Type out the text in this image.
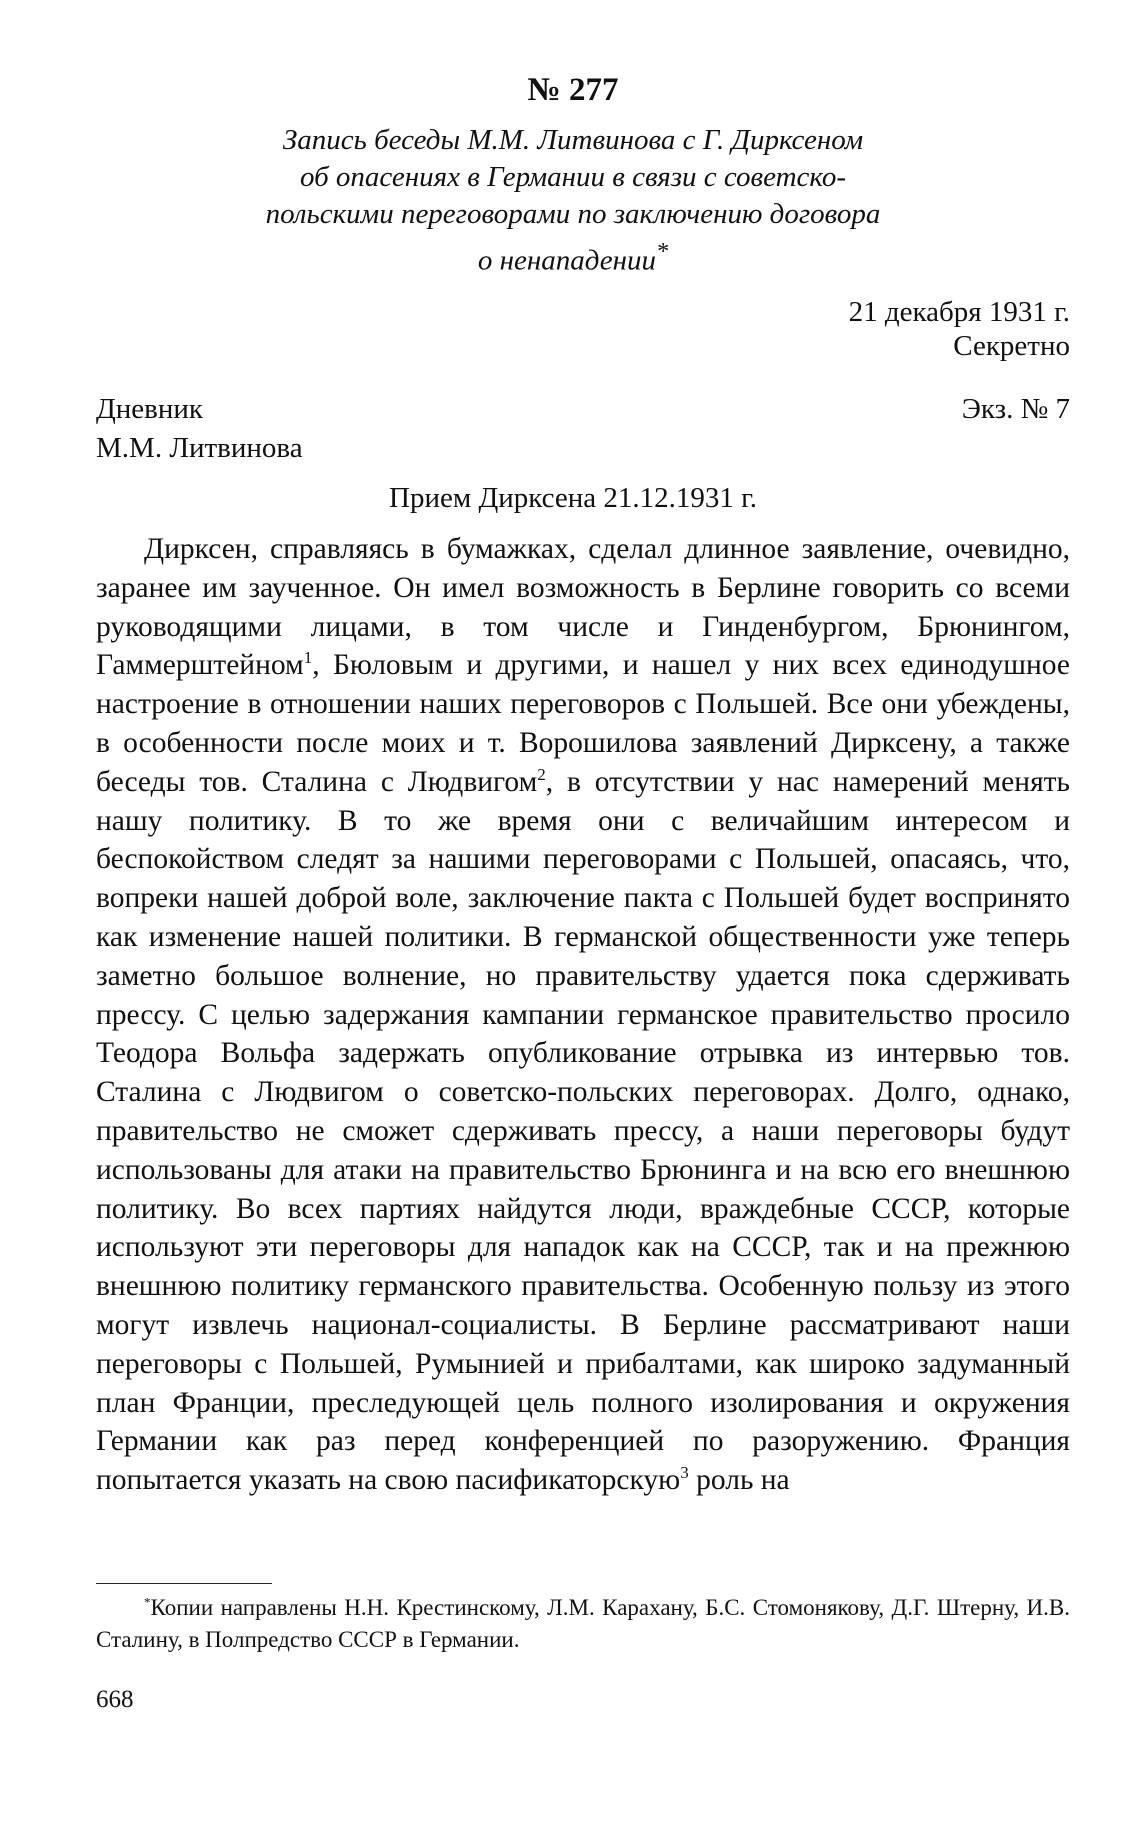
№ 277
Запись беседы М.М. Литвинова с Г. Дирксеном
об опасениях в Германии в связи с советско-
польскими переговорами по заключению договора
о ненападении*
21 декабря 1931 г.
Секретно
Дневник	Экз. № 7
М.М. Литвинова
Прием Дирксена 21.12.1931 г.

Дирксен, справляясь в бумажках, сделал длинное заявление, очевидно, заранее им заученное. Он имел возможность в Берлине говорить со всеми руководящими лицами, в том числе и Гинденбургом, Брюнингом, Гаммерштейном$^1$, Бюловым и другими, и нашел у них всех единодушное настроение в отношении наших переговоров с Польшей. Все они убеждены, в особенности после моих и т. Ворошилова заявлений Дирксену, а также беседы тов. Сталина с Людвигом$^2$, в отсутствии у нас намерений менять нашу политику. В то же время они с величайшим интересом и беспокойством следят за нашими переговорами с Польшей, опасаясь, что, вопреки нашей доброй воле, заключение пакта с Польшей будет воспринято как изменение нашей политики. В германской общественности уже теперь заметно большое волнение, но правительству удается пока сдерживать прессу. С целью задержания кампании германское правительство просило Теодора Вольфа задержать опубликование отрывка из интервью тов. Сталина с Людвигом о советско-польских переговорах. Долго, однако, правительство не сможет сдерживать прессу, а наши переговоры будут использованы для атаки на правительство Брюнинга и на всю его внешнюю политику. Во всех партиях найдутся люди, враждебные СССР, которые используют эти переговоры для нападок как на СССР, так и на прежнюю внешнюю политику германского правительства. Особенную пользу из этого могут извлечь национал-социалисты. В Берлине рассматривают наши переговоры с Польшей, Румынией и прибалтами, как широко задуманный план Франции, преследующей цель полного изолирования и окружения Германии как раз перед конференцией по разоружению. Франция попытается указать на свою пасификаторскую$^3$ роль на

*Копии направлены Н.Н. Крестинскому, Л.М. Карахану, Б.С. Стомонякову, Д.Г. Штерну, И.В. Сталину, в Полпредство СССР в Германии.
668
